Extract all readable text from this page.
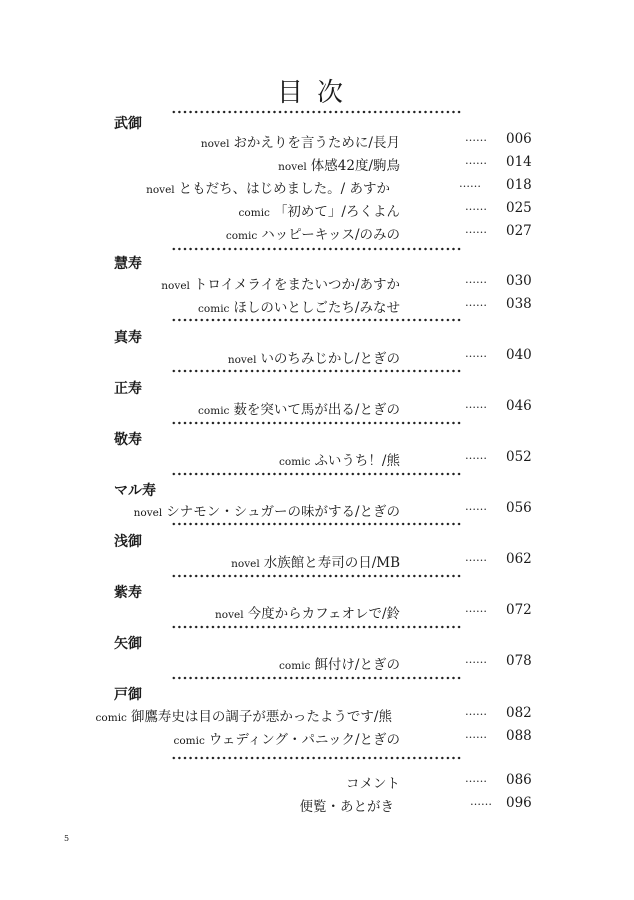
目次
武御
novel おかえりを言うために/長月	…… 006
novel 体感42度/駒鳥	…… 014
novel ともだち、はじめました。/ あすか	…… 018
comic 「初めて」/ろくよん	…… 025
comic ハッピーキッス/のみの	…… 027
慧寿
novel トロイメライをまたいつか/あすか	…… 030
comic ほしのいとしごたち/みなせ	…… 038
真寿
novel いのちみじかし/とぎの	…… 040
正寿
comic 薮を突いて馬が出る/とぎの	…… 046
敬寿
comic ふいうち！/熊	…… 052
マル寿
novel シナモン・シュガーの味がする/とぎの	…… 056
浅御
novel 水族館と寿司の日/MB	…… 062
紫寿
novel 今度からカフェオレで/鈴	…… 072
矢御
comic 餌付け/とぎの	…… 078
戸御
comic 御鷹寿史は目の調子が悪かったようです/熊	…… 082
comic ウェディング・パニック/とぎの	…… 088
コメント	…… 086
便覧・あとがき	…… 096
5
